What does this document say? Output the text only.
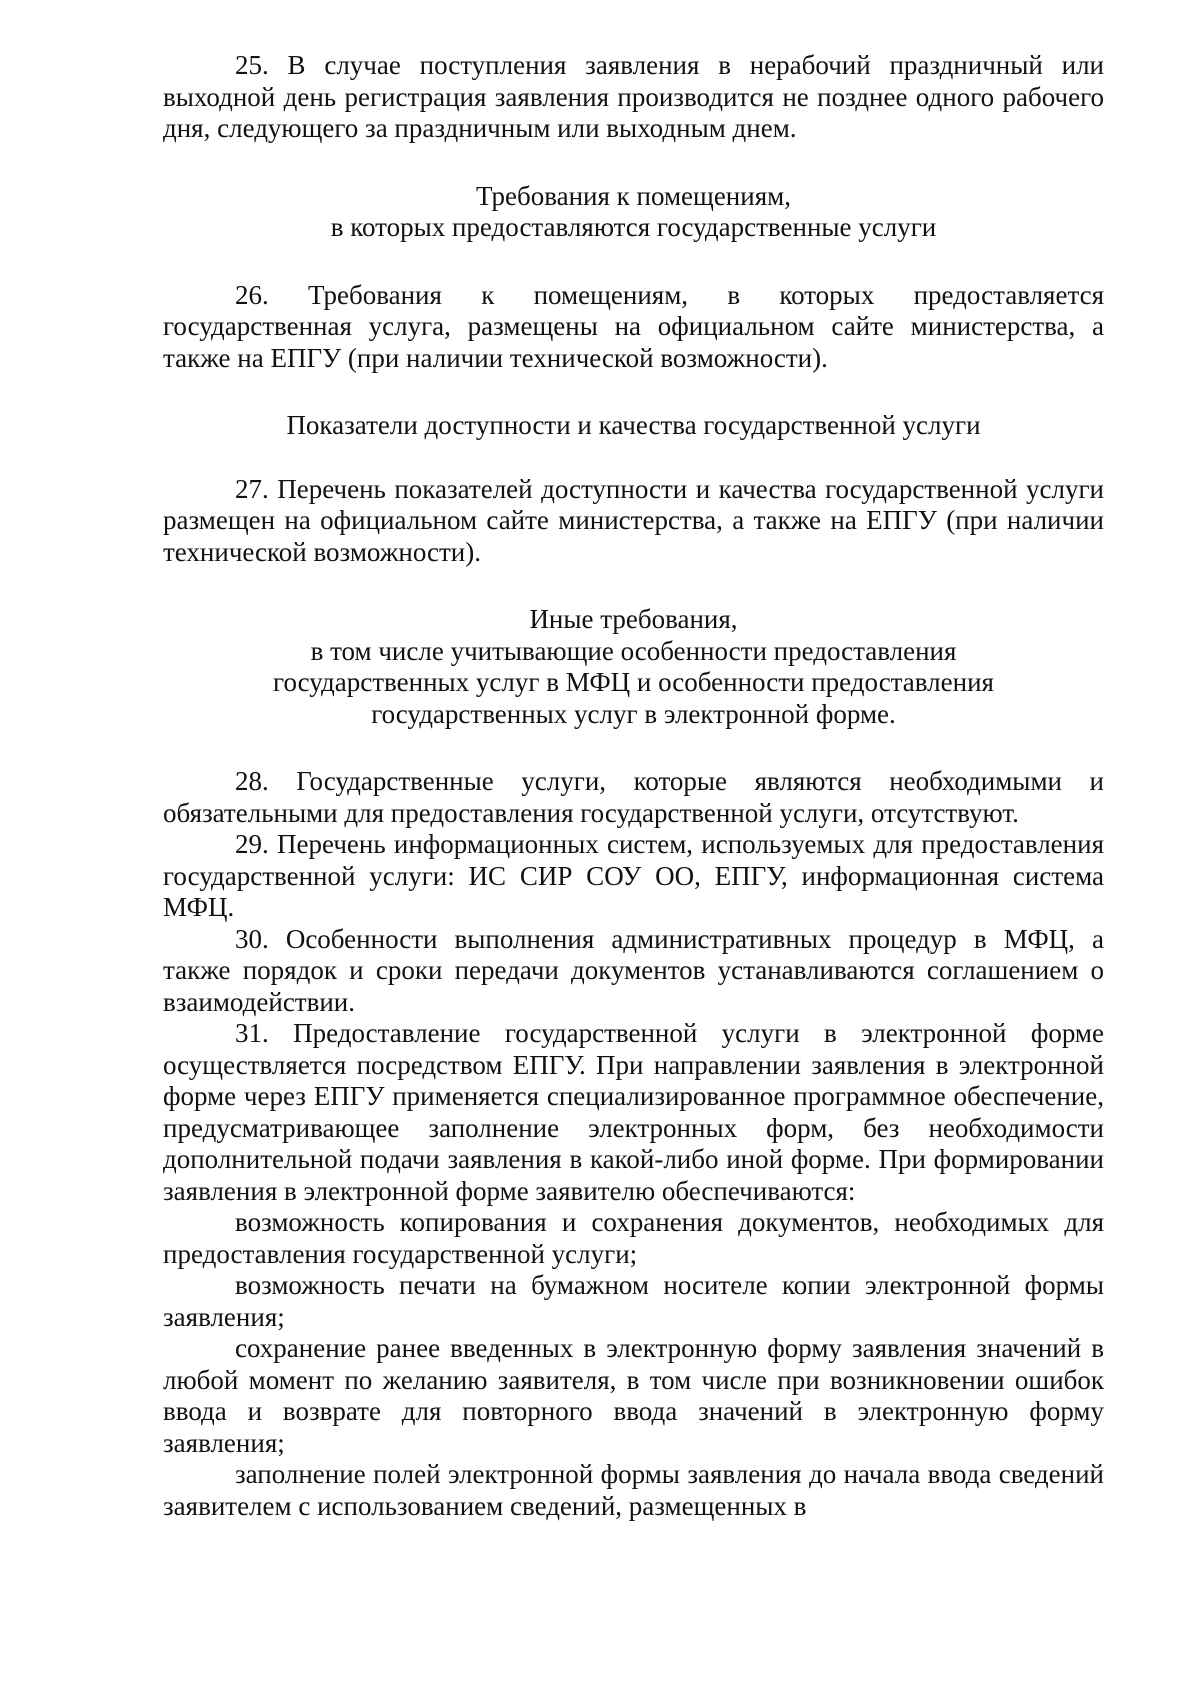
25. В случае поступления заявления в нерабочий праздничный или выходной день регистрация заявления производится не позднее одного рабочего дня, следующего за праздничным или выходным днем.

Требования к помещениям,

в которых предоставляются государственные услуги

26. Требования к помещениям, в которых предоставляется государственная услуга, размещены на официальном сайте министерства, а также на ЕПГУ (при наличии технической возможности).

Показатели доступности и качества государственной услуги

27. Перечень показателей доступности и качества государственной услуги размещен на официальном сайте министерства, а также на ЕПГУ (при наличии технической возможности).

Иные требования,

в том числе учитывающие особенности предоставления

государственных услуг в МФЦ и особенности предоставления

государственных услуг в электронной форме.

28. Государственные услуги, которые являются необходимыми и обязательными для предоставления государственной услуги, отсутствуют.

29. Перечень информационных систем, используемых для предоставления государственной услуги: ИС СИР СОУ ОО, ЕПГУ, информационная система МФЦ.

30. Особенности выполнения административных процедур в МФЦ, а также порядок и сроки передачи документов устанавливаются соглашением о взаимодействии.

31. Предоставление государственной услуги в электронной форме осуществляется посредством ЕПГУ. При направлении заявления в электронной форме через ЕПГУ применяется специализированное программное обеспечение, предусматривающее заполнение электронных форм, без необходимости дополнительной подачи заявления в какой-либо иной форме. При формировании заявления в электронной форме заявителю обеспечиваются:

возможность копирования и сохранения документов, необходимых для предоставления государственной услуги;

возможность печати на бумажном носителе копии электронной формы заявления;

сохранение ранее введенных в электронную форму заявления значений в любой момент по желанию заявителя, в том числе при возникновении ошибок ввода и возврате для повторного ввода значений в электронную форму заявления;

заполнение полей электронной формы заявления до начала ввода сведений заявителем с использованием сведений, размещенных в
